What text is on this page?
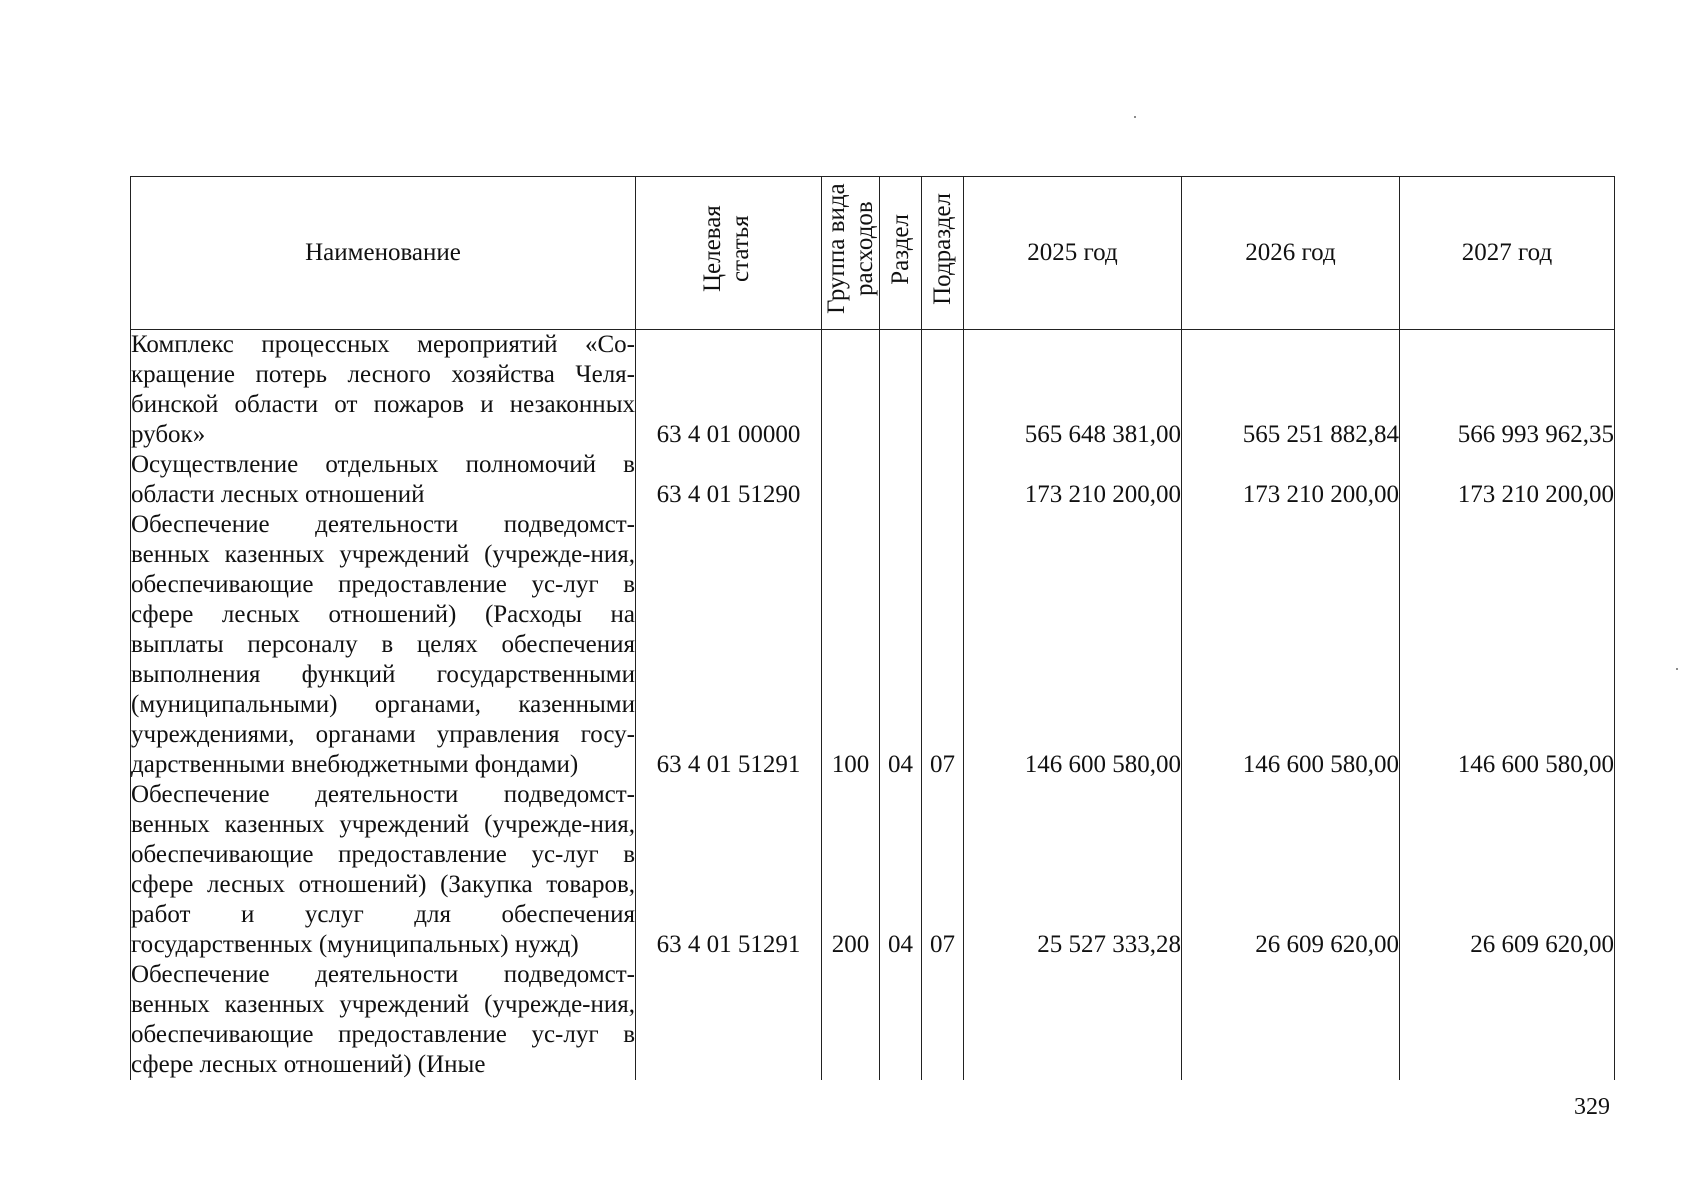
Наименование	Целевая статья	Группа вида расходов	Раздел	Подраздел	2025 год	2026 год	2027 год
Комплекс процессных мероприятий «Со-кращение потерь лесного хозяйства Челя-бинской области от пожаров и незаконных рубок»	63 4 01 00000				565 648 381,00	565 251 882,84	566 993 962,35
Осуществление отдельных полномочий в области лесных отношений	63 4 01 51290				173 210 200,00	173 210 200,00	173 210 200,00
Обеспечение деятельности подведомст-венных казенных учреждений (учрежде-ния, обеспечивающие предоставление ус-луг в сфере лесных отношений) (Расходы на выплаты персоналу в целях обеспечения выполнения функций государственными (муниципальными) органами, казенными учреждениями, органами управления госу-дарственными внебюджетными фондами)	63 4 01 51291	100	04	07	146 600 580,00	146 600 580,00	146 600 580,00
Обеспечение деятельности подведомст-венных казенных учреждений (учрежде-ния, обеспечивающие предоставление ус-луг в сфере лесных отношений) (Закупка товаров, работ и услуг для обеспечения государственных (муниципальных) нужд)	63 4 01 51291	200	04	07	25 527 333,28	26 609 620,00	26 609 620,00
Обеспечение деятельности подведомст-венных казенных учреждений (учрежде-ния, обеспечивающие предоставление ус-луг в сфере лесных отношений) (Иные							
329
